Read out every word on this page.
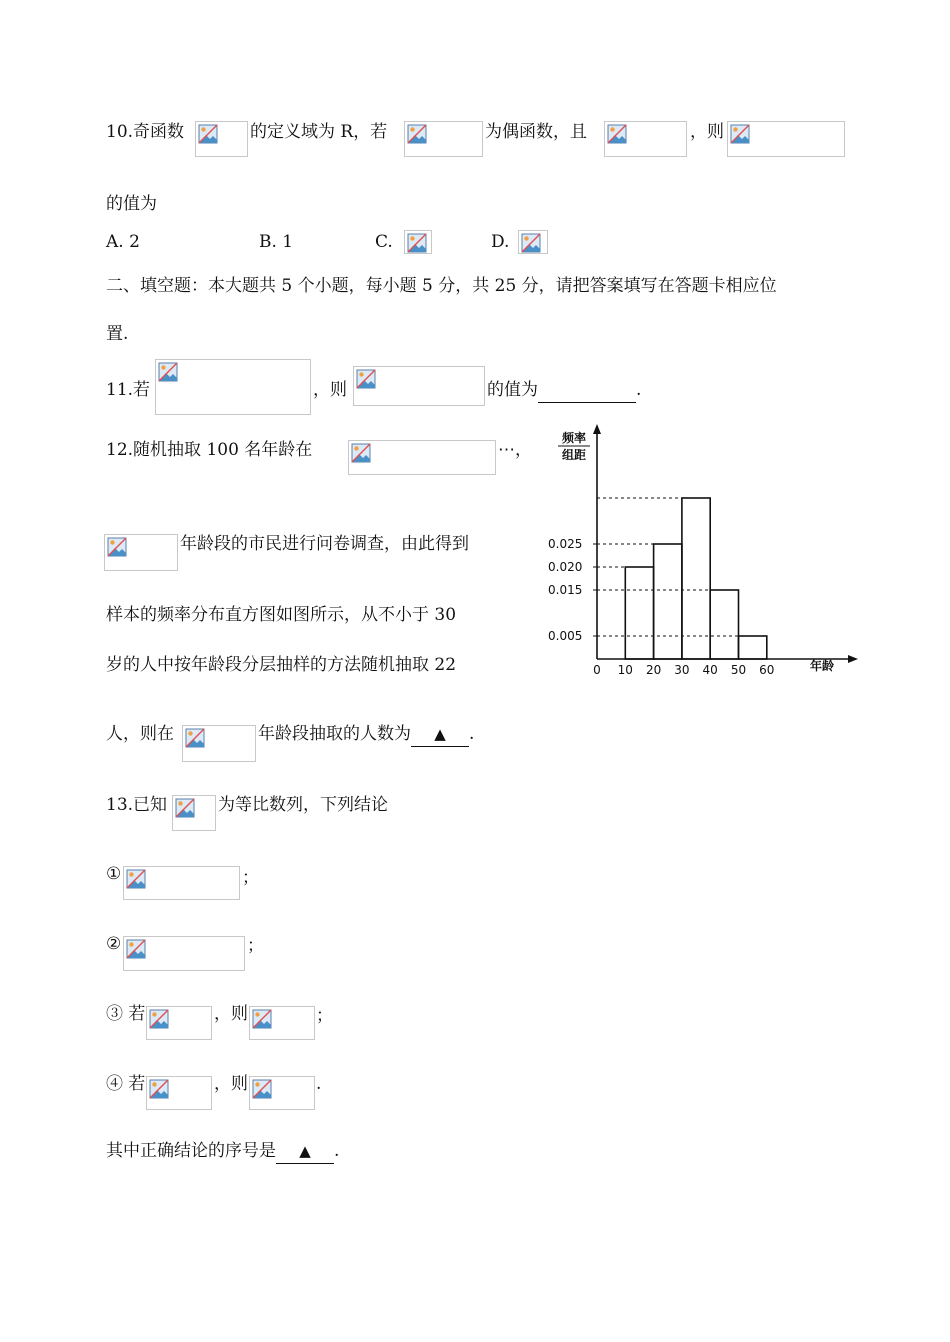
10.奇函数	的定义域为 R，若	为偶函数，且	，则
的值为
A. 2	B. 1	C.	D.
二、填空题：本大题共 5 个小题，每小题 5 分，共 25 分，请把答案填写在答题卡相应位
置.
11.若	，则	的值为	.
12.随机抽取 100 名年龄在	⋯，
年龄段的市民进行问卷调查，由此得到
样本的频率分布直方图如图所示，从不小于 30
岁的人中按年龄段分层抽样的方法随机抽取 22
人，则在	年龄段抽取的人数为 ▲ .
频率
组距
0.025
0.020
0.015
0.005
0 10 20 30 40 50 60	年龄
13.已知	为等比数列，下列结论
①	；
②	；
③ 若	，则	；
④ 若	，则	.
其中正确结论的序号是 ▲ .
